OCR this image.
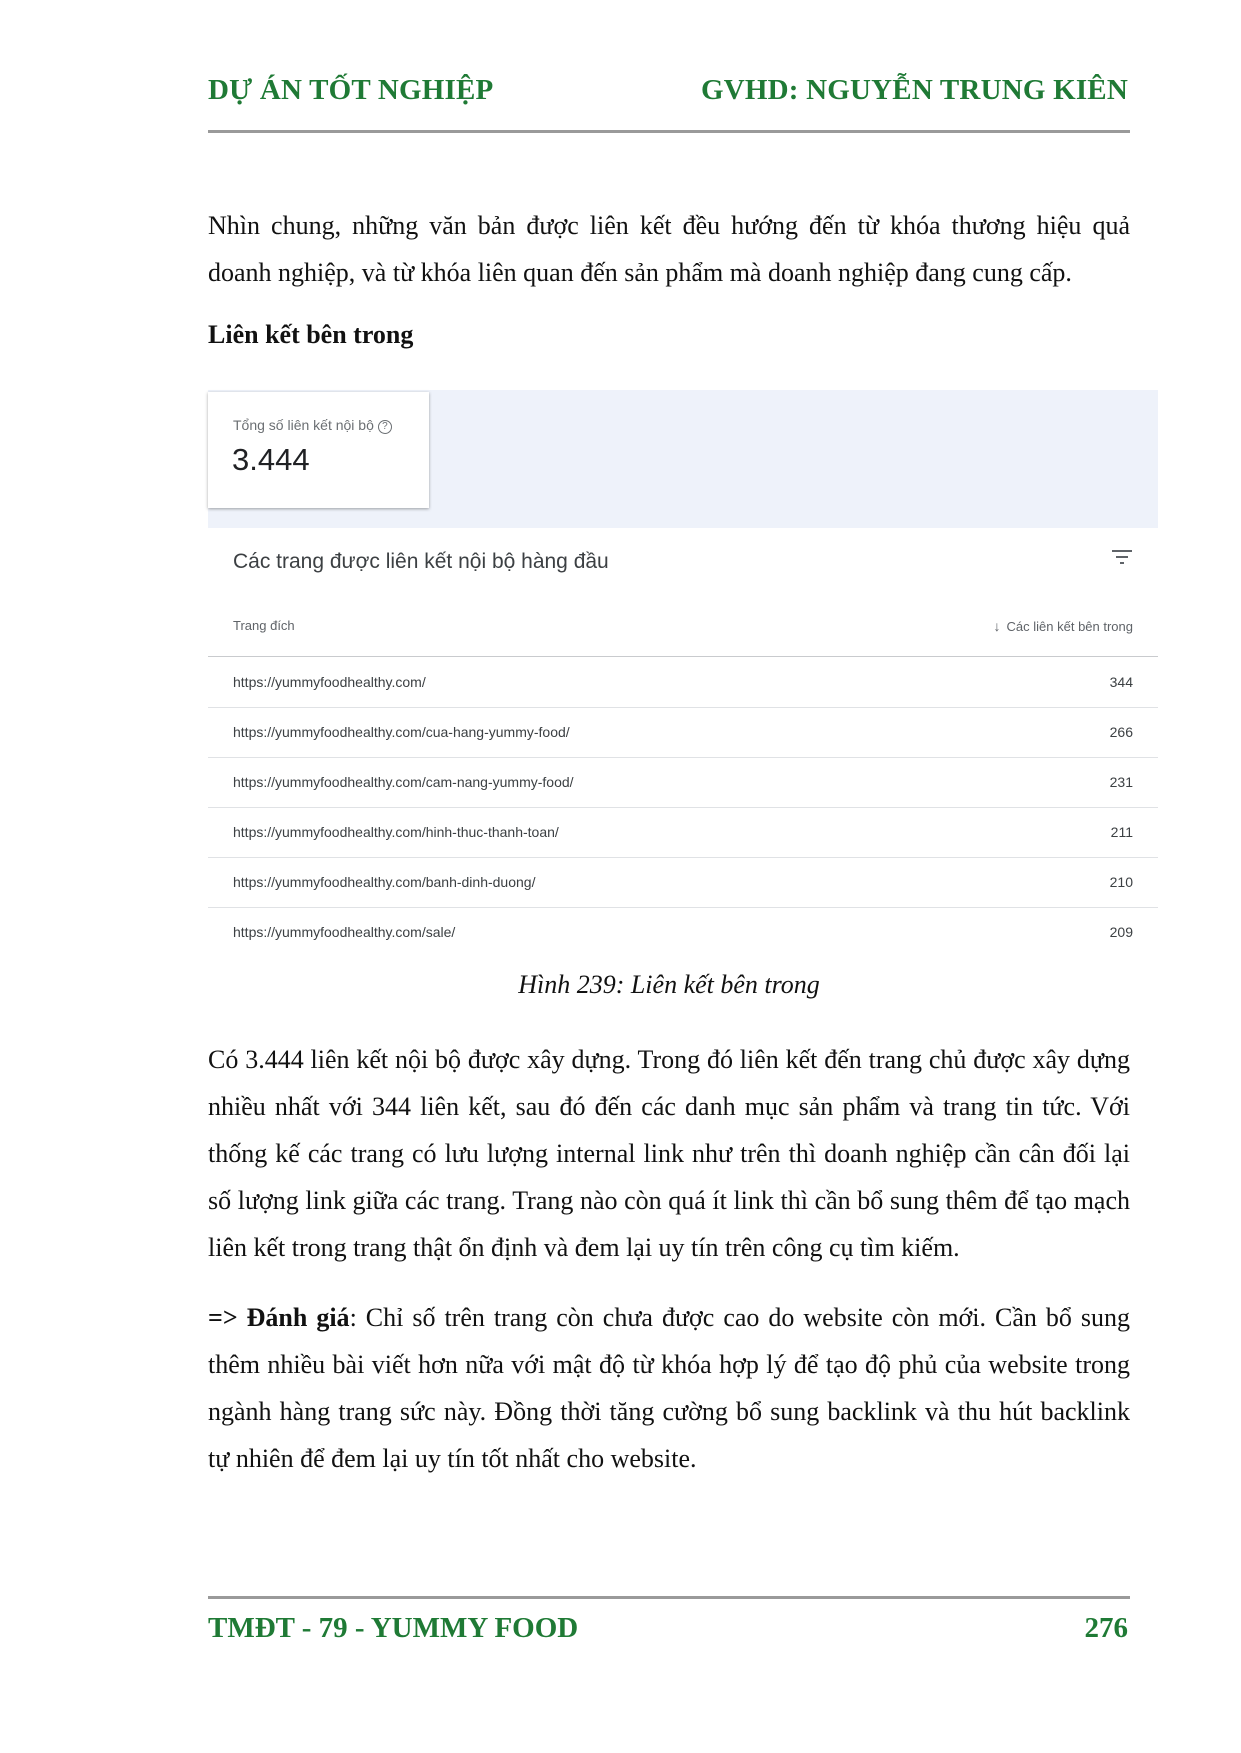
DỰ ÁN TỐT NGHIỆP	GVHD: NGUYỄN TRUNG KIÊN

Nhìn chung, những văn bản được liên kết đều hướng đến từ khóa thương hiệu quả doanh nghiệp, và từ khóa liên quan đến sản phẩm mà doanh nghiệp đang cung cấp.

Liên kết bên trong

Tổng số liên kết nội bộ ?
3.444
Các trang được liên kết nội bộ hàng đầu
Trang đích	↓ Các liên kết bên trong
https://yummyfoodhealthy.com/	344
https://yummyfoodhealthy.com/cua-hang-yummy-food/	266
https://yummyfoodhealthy.com/cam-nang-yummy-food/	231
https://yummyfoodhealthy.com/hinh-thuc-thanh-toan/	211
https://yummyfoodhealthy.com/banh-dinh-duong/	210
https://yummyfoodhealthy.com/sale/	209
Hình 239: Liên kết bên trong

Có 3.444 liên kết nội bộ được xây dựng. Trong đó liên kết đến trang chủ được xây dựng nhiều nhất với 344 liên kết, sau đó đến các danh mục sản phẩm và trang tin tức. Với thống kế các trang có lưu lượng internal link như trên thì doanh nghiệp cần cân đối lại số lượng link giữa các trang. Trang nào còn quá ít link thì cần bổ sung thêm để tạo mạch liên kết trong trang thật ổn định và đem lại uy tín trên công cụ tìm kiếm.

=> Đánh giá: Chỉ số trên trang còn chưa được cao do website còn mới. Cần bổ sung thêm nhiều bài viết hơn nữa với mật độ từ khóa hợp lý để tạo độ phủ của website trong ngành hàng trang sức này. Đồng thời tăng cường bổ sung backlink và thu hút backlink tự nhiên để đem lại uy tín tốt nhất cho website.

TMĐT - 79 - YUMMY FOOD	276
